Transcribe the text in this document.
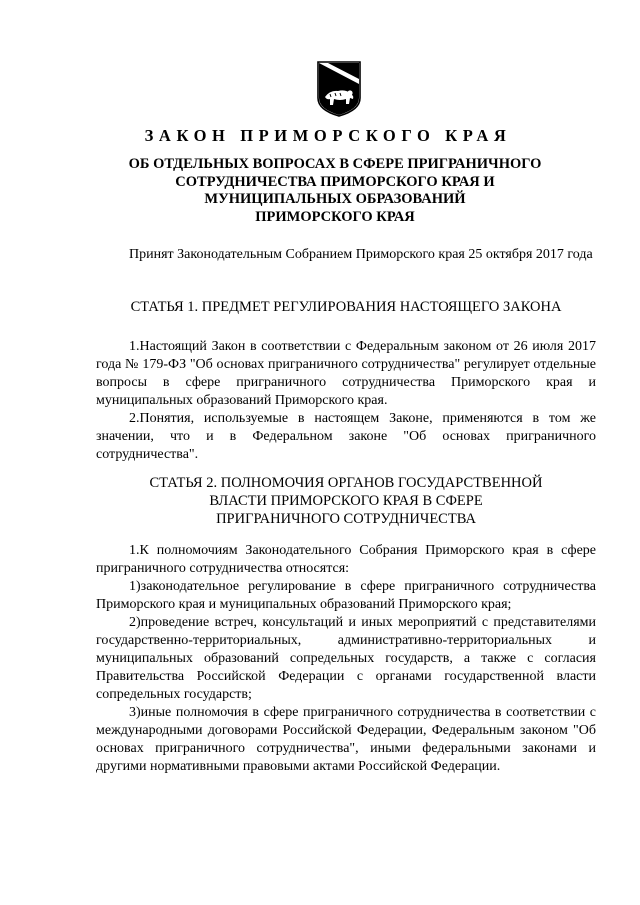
ЗАКОН ПРИМОРСКОГО КРАЯ
ОБ ОТДЕЛЬНЫХ ВОПРОСАХ В СФЕРЕ ПРИГРАНИЧНОГО
СОТРУДНИЧЕСТВА ПРИМОРСКОГО КРАЯ И
МУНИЦИПАЛЬНЫХ ОБРАЗОВАНИЙ
ПРИМОРСКОГО КРАЯ

Принят Законодательным Собранием Приморского края 25 октября 2017 года

СТАТЬЯ 1. ПРЕДМЕТ РЕГУЛИРОВАНИЯ НАСТОЯЩЕГО ЗАКОНА

1.Настоящий Закон в соответствии с Федеральным законом от 26 июля 2017 года № 179-ФЗ "Об основах приграничного сотрудничества" регулирует отдельные вопросы в сфере приграничного сотрудничества Приморского края и муниципальных образований Приморского края.

2.Понятия, используемые в настоящем Законе, применяются в том же значении, что и в Федеральном законе "Об основах приграничного сотрудничества".

СТАТЬЯ 2. ПОЛНОМОЧИЯ ОРГАНОВ ГОСУДАРСТВЕННОЙ
ВЛАСТИ ПРИМОРСКОГО КРАЯ В СФЕРЕ
ПРИГРАНИЧНОГО СОТРУДНИЧЕСТВА

1.К полномочиям Законодательного Собрания Приморского края в сфере приграничного сотрудничества относятся:

1)законодательное регулирование в сфере приграничного сотрудничества Приморского края и муниципальных образований Приморского края;

2)проведение встреч, консультаций и иных мероприятий с представителями государственно-территориальных, административно-территориальных и муниципальных образований сопредельных государств, а также с согласия Правительства Российской Федерации с органами государственной власти сопредельных государств;

3)иные полномочия в сфере приграничного сотрудничества в соответствии с международными договорами Российской Федерации, Федеральным законом "Об основах приграничного сотрудничества", иными федеральными законами и другими нормативными правовыми актами Российской Федерации.
